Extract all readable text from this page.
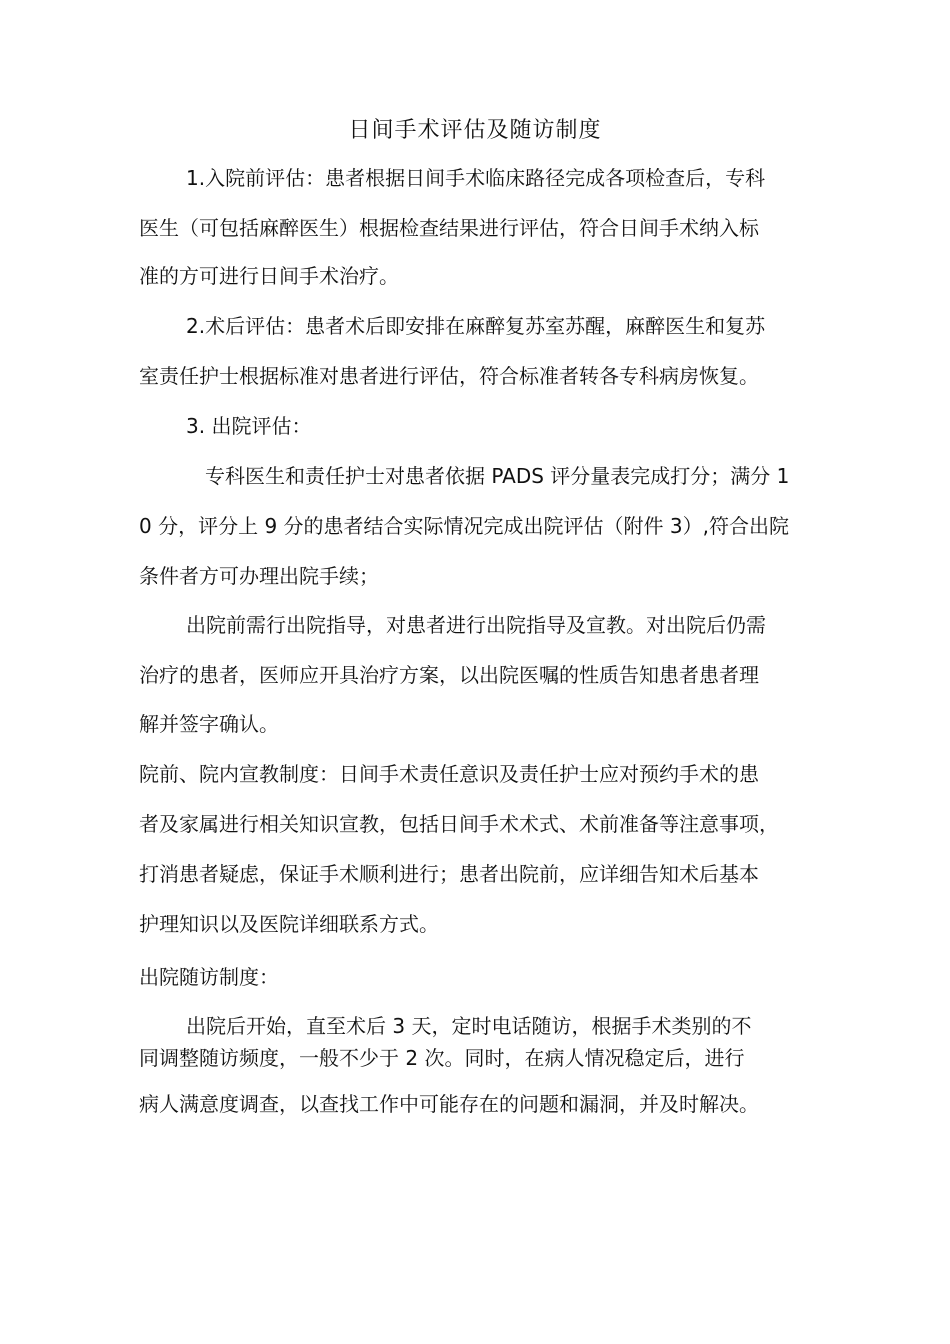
日间手术评估及随访制度
1.入院前评估：患者根据日间手术临床路径完成各项检查后，专科
医生（可包括麻醉医生）根据检查结果进行评估，符合日间手术纳入标
准的方可进行日间手术治疗。
2.术后评估：患者术后即安排在麻醉复苏室苏醒，麻醉医生和复苏
室责任护士根据标准对患者进行评估，符合标准者转各专科病房恢复。
3. 出院评估：
专科医生和责任护士对患者依据 PADS 评分量表完成打分；满分 1
0 分，评分上 9 分的患者结合实际情况完成出院评估（附件 3）,符合出院
条件者方可办理出院手续；
出院前需行出院指导，对患者进行出院指导及宣教。对出院后仍需
治疗的患者，医师应开具治疗方案，以出院医嘱的性质告知患者患者理
解并签字确认。
院前、院内宣教制度：日间手术责任意识及责任护士应对预约手术的患
者及家属进行相关知识宣教，包括日间手术术式、术前准备等注意事项，
打消患者疑虑，保证手术顺利进行；患者出院前，应详细告知术后基本
护理知识以及医院详细联系方式。
出院随访制度：
出院后开始，直至术后 3 天，定时电话随访，根据手术类别的不
同调整随访频度，一般不少于 2 次。同时，在病人情况稳定后，进行
病人满意度调查，以查找工作中可能存在的问题和漏洞，并及时解决。
